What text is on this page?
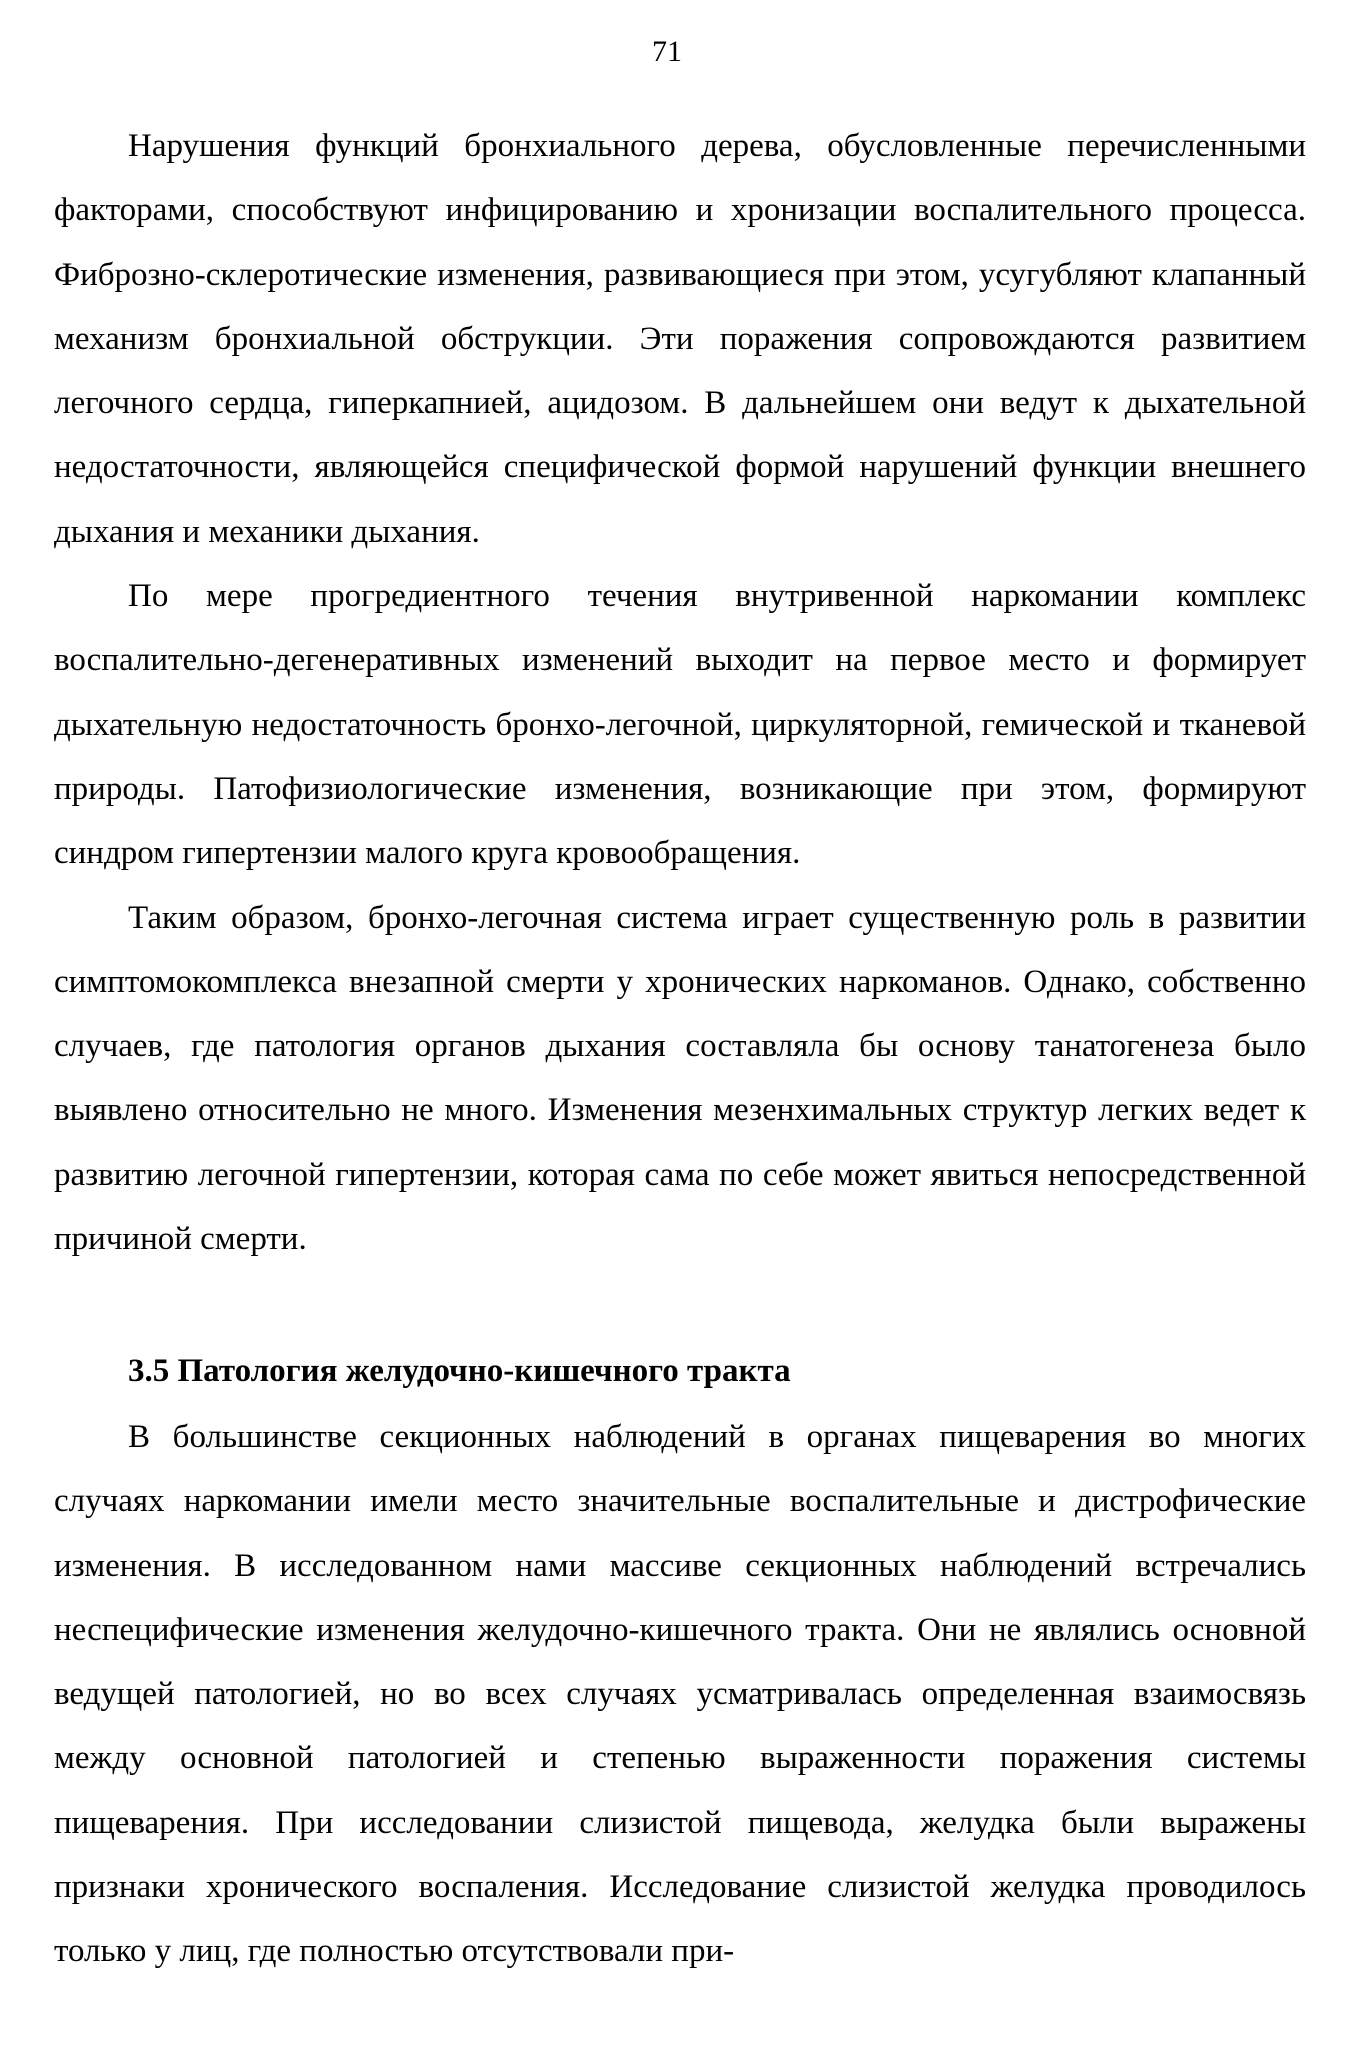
71

Нарушения функций бронхиального дерева, обусловленные перечисленными факторами, способствуют инфицированию и хронизации воспалительного процесса. Фиброзно-склеротические изменения, развивающиеся при этом, усугубляют клапанный механизм бронхиальной обструкции. Эти поражения сопровождаются развитием легочного сердца, гиперкапнией, ацидозом. В дальнейшем они ведут к дыхательной недостаточности, являющейся специфической формой нарушений функции внешнего дыхания и механики дыхания.

По мере прогредиентного течения внутривенной наркомании комплекс воспалительно-дегенеративных изменений выходит на первое место и формирует дыхательную недостаточность бронхо-легочной, циркуляторной, гемической и тканевой природы. Патофизиологические изменения, возникающие при этом, формируют синдром гипертензии малого круга кровообращения.

Таким образом, бронхо-легочная система играет существенную роль в развитии симптомокомплекса внезапной смерти у хронических наркоманов. Однако, собственно случаев, где патология органов дыхания составляла бы основу танатогенеза было выявлено относительно не много. Изменения мезенхимальных структур легких ведет к развитию легочной гипертензии, которая сама по себе может явиться непосредственной причиной смерти.

3.5 Патология желудочно-кишечного тракта

В большинстве секционных наблюдений в органах пищеварения во многих случаях наркомании имели место значительные воспалительные и дистрофические изменения. В исследованном нами массиве секционных наблюдений встречались неспецифические изменения желудочно-кишечного тракта. Они не являлись основной ведущей патологией, но во всех случаях усматривалась определенная взаимосвязь между основной патологией и степенью выраженности поражения системы пищеварения. При исследовании слизистой пищевода, желудка были выражены признаки хронического воспаления. Исследование слизистой желудка проводилось только у лиц, где полностью отсутствовали при-
